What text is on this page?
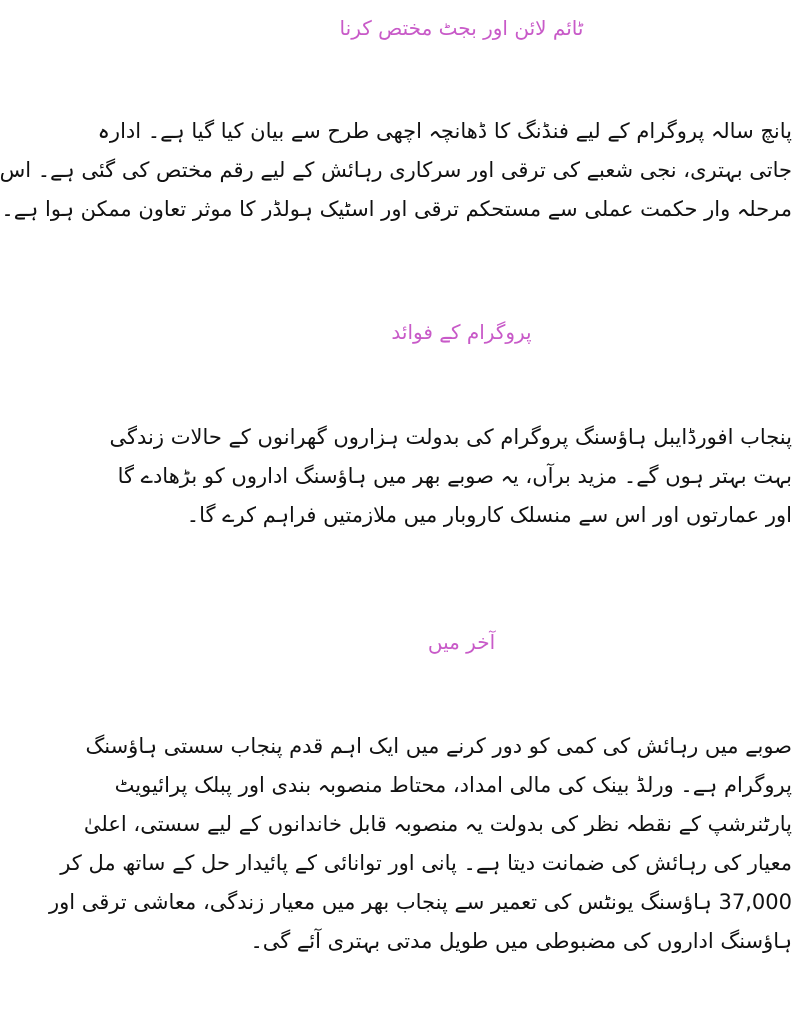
ٹائم لائن اور بجٹ مختص کرنا
پانچ سالہ پروگرام کے لیے فنڈنگ کا ڈھانچہ اچھی طرح سے بیان کیا گیا ہے۔ ادارہ
جاتی بہتری، نجی شعبے کی ترقی اور سرکاری رہائش کے لیے رقم مختص کی گئی ہے۔ اس
مرحلہ وار حکمت عملی سے مستحکم ترقی اور اسٹیک ہولڈر کا موثر تعاون ممکن ہوا ہے۔
پروگرام کے فوائد
پنجاب افورڈایبل ہاؤسنگ پروگرام کی بدولت ہزاروں گھرانوں کے حالات زندگی
بہت بہتر ہوں گے۔ مزید برآں، یہ صوبے بھر میں ہاؤسنگ اداروں کو بڑھادے گا
اور عمارتوں اور اس سے منسلک کاروبار میں ملازمتیں فراہم کرے گا۔
آخر میں
صوبے میں رہائش کی کمی کو دور کرنے میں ایک اہم قدم پنجاب سستی ہاؤسنگ
پروگرام ہے۔ ورلڈ بینک کی مالی امداد، محتاط منصوبہ بندی اور پبلک پرائیویٹ
پارٹنرشپ کے نقطہ نظر کی بدولت یہ منصوبہ قابل خاندانوں کے لیے سستی، اعلیٰ
معیار کی رہائش کی ضمانت دیتا ہے۔ پانی اور توانائی کے پائیدار حل کے ساتھ مل کر
37,000 ہاؤسنگ یونٹس کی تعمیر سے پنجاب بھر میں معیار زندگی، معاشی ترقی اور
ہاؤسنگ اداروں کی مضبوطی میں طویل مدتی بہتری آئے گی۔
